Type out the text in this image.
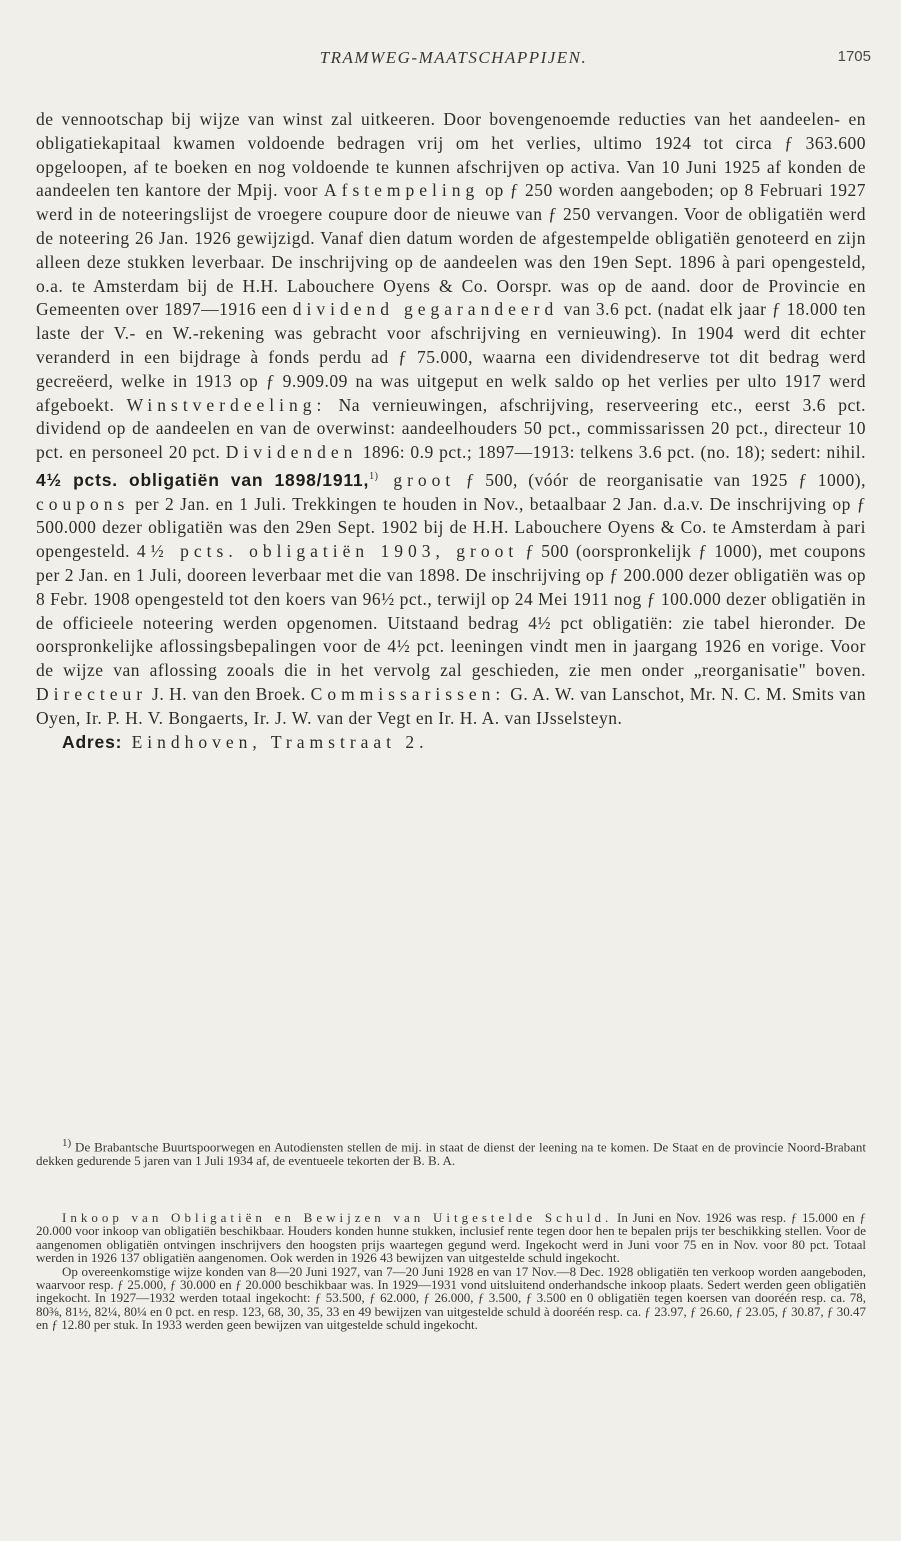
TRAMWEG-MAATSCHAPPIJEN.	1705
de vennootschap bij wijze van winst zal uitkeeren. Door bovengenoemde reducties van het aandeelen- en obligatiekapitaal kwamen voldoende bedragen vrij om het verlies, ultimo 1924 tot circa ƒ 363.600 opgeloopen, af te boeken en nog voldoende te kunnen afschrijven op activa. Van 10 Juni 1925 af konden de aandeelen ten kantore der Mpij. voor Afstempeling op ƒ 250 worden aangeboden; op 8 Februari 1927 werd in de noteeringslijst de vroegere coupure door de nieuwe van ƒ 250 vervangen. Voor de obligatiën werd de noteering 26 Jan. 1926 gewijzigd. Vanaf dien datum worden de afgestempelde obligatiën genoteerd en zijn alleen deze stukken leverbaar. De inschrijving op de aandeelen was den 19en Sept. 1896 à pari opengesteld, o.a. te Amsterdam bij de H.H. Labouchere Oyens & Co. Oorspr. was op de aand. door de Provincie en Gemeenten over 1897—1916 een dividend gegarandeerd van 3.6 pct. (nadat elk jaar ƒ 18.000 ten laste der V.- en W.-rekening was gebracht voor afschrijving en vernieuwing). In 1904 werd dit echter veranderd in een bijdrage à fonds perdu ad ƒ 75.000, waarna een dividendreserve tot dit bedrag werd gecreëerd, welke in 1913 op ƒ 9.909.09 na was uitgeput en welk saldo op het verlies per ulto 1917 werd afgeboekt. Winstverdeeling: Na vernieuwingen, afschrijving, reserveering etc., eerst 3.6 pct. dividend op de aandeelen en van de overwinst: aandeelhouders 50 pct., commissarissen 20 pct., directeur 10 pct. en personeel 20 pct. Dividenden 1896: 0.9 pct.; 1897—1913: telkens 3.6 pct. (no. 18); sedert: nihil. 4½ pcts. obligatiën van 1898/1911,$^{1)}$ groot ƒ 500, (vóór de reorganisatie van 1925 ƒ 1000), coupons per 2 Jan. en 1 Juli. Trekkingen te houden in Nov., betaalbaar 2 Jan. d.a.v. De inschrijving op ƒ 500.000 dezer obligatiën was den 29en Sept. 1902 bij de H.H. Labouchere Oyens & Co. te Amsterdam à pari opengesteld. 4½ pcts. obligatiën 1903, groot ƒ 500 (oorspronkelijk ƒ 1000), met coupons per 2 Jan. en 1 Juli, dooreen leverbaar met die van 1898. De inschrijving op ƒ 200.000 dezer obligatiën was op 8 Febr. 1908 opengesteld tot den koers van 96½ pct., terwijl op 24 Mei 1911 nog ƒ 100.000 dezer obligatiën in de officieele noteering werden opgenomen. Uitstaand bedrag 4½ pct obligatiën: zie tabel hieronder. De oorspronkelijke aflossingsbepalingen voor de 4½ pct. leeningen vindt men in jaargang 1926 en vorige. Voor de wijze van aflossing zooals die in het vervolg zal geschieden, zie men onder „reorganisatie" boven. Directeur J. H. van den Broek. Commissarissen: G. A. W. van Lanschot, Mr. N. C. M. Smits van Oyen, Ir. P. H. V. Bongaerts, Ir. J. W. van der Vegt en Ir. H. A. van IJsselsteyn.
Adres: Eindhoven, Tramstraat 2.
$^{1)}$ De Brabantsche Buurtspoorwegen en Autodiensten stellen de mij. in staat de dienst der leening na te komen. De Staat en de provincie Noord-Brabant dekken gedurende 5 jaren van 1 Juli 1934 af, de eventueele tekorten der B. B. A.
Inkoop van Obligatiën en Bewijzen van Uitgestelde Schuld. In Juni en Nov. 1926 was resp. ƒ 15.000 en ƒ 20.000 voor inkoop van obligatiën beschikbaar. Houders konden hunne stukken, inclusief rente tegen door hen te bepalen prijs ter beschikking stellen. Voor de aangenomen obligatiën ontvingen inschrijvers den hoogsten prijs waartegen gegund werd. Ingekocht werd in Juni voor 75 en in Nov. voor 80 pct. Totaal werden in 1926 137 obligatiën aangenomen. Ook werden in 1926 43 bewijzen van uitgestelde schuld ingekocht.
Op overeenkomstige wijze konden van 8—20 Juni 1927, van 7—20 Juni 1928 en van 17 Nov.—8 Dec. 1928 obligatiën ten verkoop worden aangeboden, waarvoor resp. ƒ 25.000, ƒ 30.000 en ƒ 20.000 beschikbaar was. In 1929—1931 vond uitsluitend onderhandsche inkoop plaats. Sedert werden geen obligatiën ingekocht. In 1927—1932 werden totaal ingekocht: ƒ 53.500, ƒ 62.000, ƒ 26.000, ƒ 3.500, ƒ 3.500 en 0 obligatiën tegen koersen van dooréén resp. ca. 78, 80⅜, 81½, 82¼, 80¼ en 0 pct. en resp. 123, 68, 30, 35, 33 en 49 bewijzen van uitgestelde schuld à dooréén resp. ca. ƒ 23.97, ƒ 26.60, ƒ 23.05, ƒ 30.87, ƒ 30.47 en ƒ 12.80 per stuk. In 1933 werden geen bewijzen van uitgestelde schuld ingekocht.
